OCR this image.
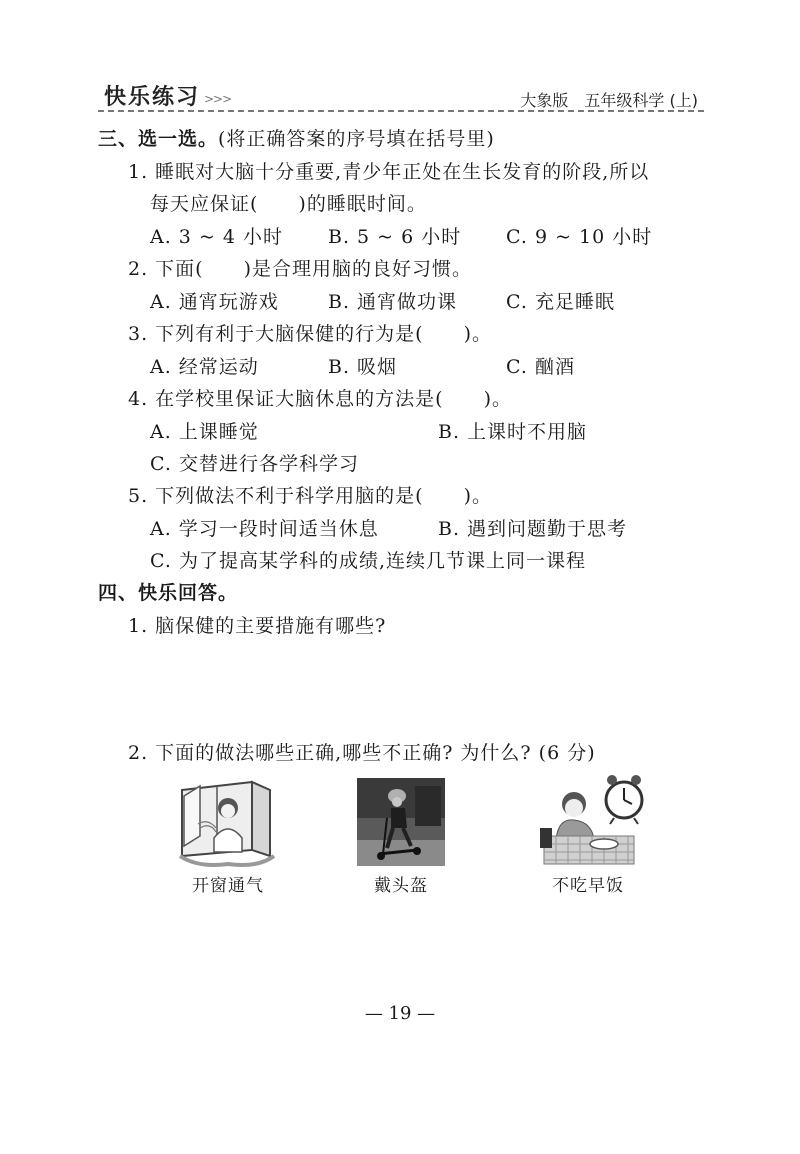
快乐练习 >>>	大象版 五年级科学 (上)
三、选一选。(将正确答案的序号填在括号里)
1. 睡眠对大脑十分重要,青少年正处在生长发育的阶段,所以
每天应保证(　　)的睡眠时间。
A. 3 ~ 4 小时 B. 5 ~ 6 小时 C. 9 ~ 10 小时
2. 下面(　　)是合理用脑的良好习惯。
A. 通宵玩游戏	B. 通宵做功课	C. 充足睡眠
3. 下列有利于大脑保健的行为是(　　)。
A. 经常运动	B. 吸烟	C. 酗酒
4. 在学校里保证大脑休息的方法是(　　)。
A. 上课睡觉	B. 上课时不用脑
C. 交替进行各学科学习
5. 下列做法不利于科学用脑的是(　　)。
A. 学习一段时间适当休息	B. 遇到问题勤于思考
C. 为了提高某学科的成绩,连续几节课上同一课程
四、快乐回答。
1. 脑保健的主要措施有哪些?
2. 下面的做法哪些正确,哪些不正确? 为什么? (6 分)
开窗通气	戴头盔	不吃早饭
— 19 —
